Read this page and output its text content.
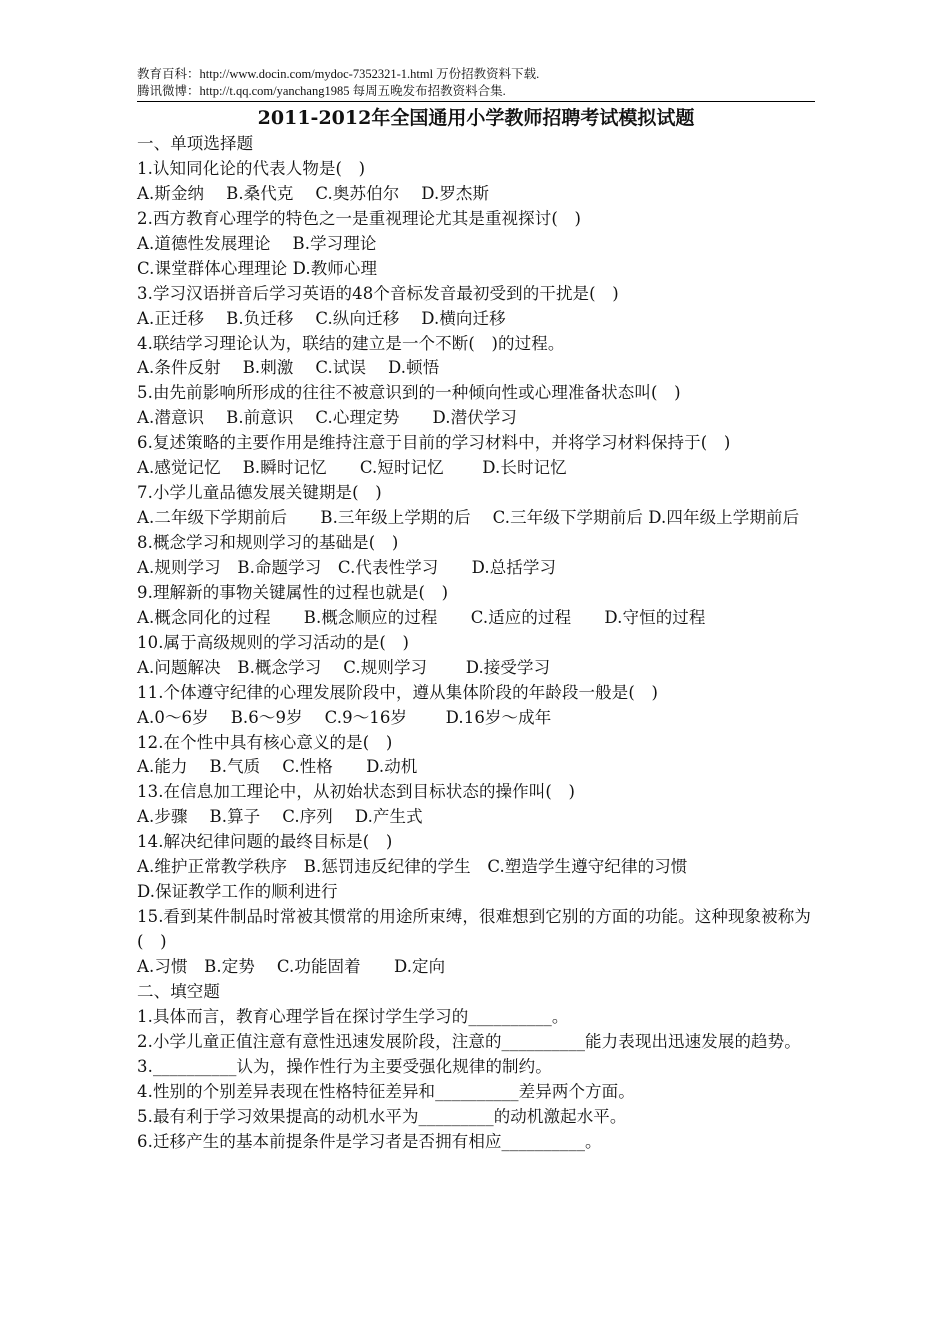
教育百科：http://www.docin.com/mydoc-7352321-1.html 万份招教资料下载.
腾讯微博：http://t.qq.com/yanchang1985 每周五晚发布招教资料合集.
2011-2012年全国通用小学教师招聘考试模拟试题
一、单项选择题
1.认知同化论的代表人物是(　)
A.斯金纳　 B.桑代克　 C.奥苏伯尔　 D.罗杰斯
2.西方教育心理学的特色之一是重视理论尤其是重视探讨(　)
A.道德性发展理论　 B.学习理论
C.课堂群体心理理论 D.教师心理
3.学习汉语拼音后学习英语的48个音标发音最初受到的干扰是(　)
A.正迁移　 B.负迁移　 C.纵向迁移　 D.横向迁移
4.联结学习理论认为，联结的建立是一个不断(　)的过程。
A.条件反射　 B.刺激　 C.试误　 D.顿悟
5.由先前影响所形成的往往不被意识到的一种倾向性或心理准备状态叫(　)
A.潜意识　 B.前意识　 C.心理定势　　D.潜伏学习
6.复述策略的主要作用是维持注意于目前的学习材料中，并将学习材料保持于(　)
A.感觉记忆　 B.瞬时记忆　　C.短时记忆　　 D.长时记忆
7.小学儿童品德发展关键期是(　)
A.二年级下学期前后　　B.三年级上学期的后　 C.三年级下学期前后 D.四年级上学期前后
8.概念学习和规则学习的基础是(　)
A.规则学习　B.命题学习　C.代表性学习　　D.总括学习
9.理解新的事物关键属性的过程也就是(　)
A.概念同化的过程　　B.概念顺应的过程　　C.适应的过程　　D.守恒的过程
10.属于高级规则的学习活动的是(　)
A.问题解决　B.概念学习　 C.规则学习　　 D.接受学习
11.个体遵守纪律的心理发展阶段中，遵从集体阶段的年龄段一般是(　)
A.0～6岁　 B.6～9岁　 C.9～16岁　　 D.16岁～成年
12.在个性中具有核心意义的是(　)
A.能力　 B.气质　 C.性格　　D.动机
13.在信息加工理论中，从初始状态到目标状态的操作叫(　)
A.步骤　 B.算子　 C.序列　 D.产生式
14.解决纪律问题的最终目标是(　)
A.维护正常教学秩序　B.惩罚违反纪律的学生　C.塑造学生遵守纪律的习惯
D.保证教学工作的顺利进行
15.看到某件制品时常被其惯常的用途所束缚，很难想到它别的方面的功能。这种现象被称为(　)
A.习惯　B.定势　 C.功能固着　　D.定向
二、填空题
1.具体而言，教育心理学旨在探讨学生学习的__________。
2.小学儿童正值注意有意性迅速发展阶段，注意的__________能力表现出迅速发展的趋势。
3.__________认为，操作性行为主要受强化规律的制约。
4.性别的个别差异表现在性格特征差异和__________差异两个方面。
5.最有利于学习效果提高的动机水平为_________的动机激起水平。
6.迁移产生的基本前提条件是学习者是否拥有相应__________。
